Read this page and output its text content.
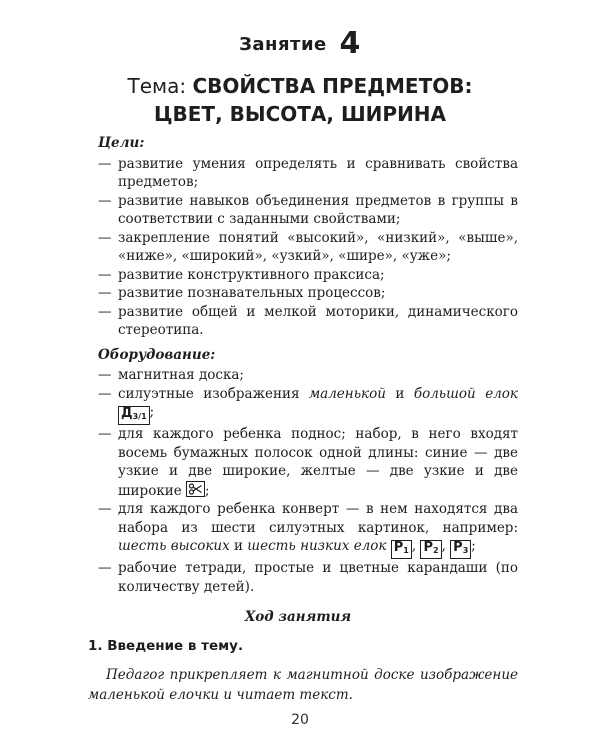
Занятие 4
Тема: СВОЙСТВА ПРЕДМЕТОВ:
ЦВЕТ, ВЫСОТА, ШИРИНА

Цели:

— развитие умения определять и сравнивать свойства предметов;
— развитие навыков объединения предметов в группы в соответствии с заданными свойствами;
— закрепление понятий «высокий», «низкий», «выше», «ниже», «широкий», «узкий», «шире», «уже»;
— развитие конструктивного праксиса;
— развитие познавательных процессов;
— развитие общей и мелкой моторики, динамического стереотипа.

Оборудование:

— магнитная доска;
— силуэтные изображения маленькой и большой елок $Д_{3/1}$ ;
— для каждого ребенка поднос; набор, в него входят восемь бумажных полосок одной длины: синие — две узкие и две широкие, желтые — две узкие и две широкие ;
— для каждого ребенка конверт — в нем находятся два набора из шести силуэтных картинок, например: шесть высоких и шесть низких елок $Р_1$ , $Р_2$ , $Р_3$ ;
— рабочие тетради, простые и цветные карандаши (по количеству детей).
Ход занятия
1. Введение в тему.
Педагог прикрепляет к магнитной доске изображение маленькой елочки и читает текст.
20
